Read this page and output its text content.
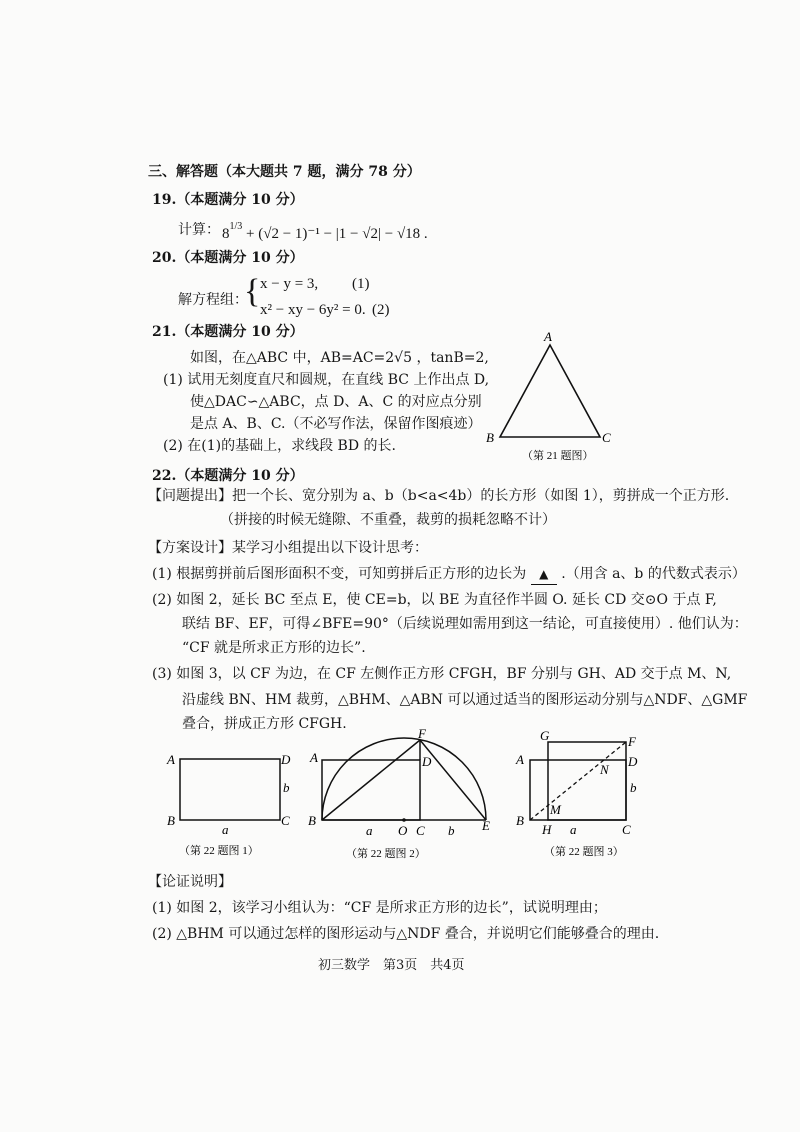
三、解答题（本大题共 7 题，满分 78 分）
19.（本题满分 10 分）
计算： $8^{1/3} + (√2 - 1)^{-1} - |1 - √2| - √18$ .
20.（本题满分 10 分）
解方程组：
{ x − y = 3, (1)
x² − xy − 6y² = 0. (2)
21.（本题满分 10 分）
如图，在△ABC 中，AB=AC=2√5 ，tanB=2,
(1) 试用无刻度直尺和圆规，在直线 BC 上作出点 D,
使△DAC∽△ABC，点 D、A、C 的对应点分别
是点 A、B、C.（不必写作法，保留作图痕迹）
(2) 在(1)的基础上，求线段 BD 的长.
A
B	C
（第 21 题图）
22.（本题满分 10 分）
【问题提出】把一个长、宽分别为 a、b（b<a<4b）的长方形（如图 1），剪拼成一个正方形.
（拼接的时候无缝隙、不重叠，裁剪的损耗忽略不计）
【方案设计】某学习小组提出以下设计思考：
(1) 根据剪拼前后图形面积不变，可知剪拼后正方形的边长为 ▲ .（用含 a、b 的代数式表示）
(2) 如图 2，延长 BC 至点 E，使 CE=b，以 BE 为直径作半圆 O. 延长 CD 交⊙O 于点 F,
联结 BF、EF，可得∠BFE=90°（后续说理如需用到这一结论，可直接使用）. 他们认为：
“CF 就是所求正方形的边长”.
(3) 如图 3，以 CF 为边，在 CF 左侧作正方形 CFGH，BF 分别与 GH、AD 交于点 M、N,
沿虚线 BN、HM 裁剪，△BHM、△ABN 可以通过适当的图形运动分别与△NDF、△GMF
叠合，拼成正方形 CFGH.
A	D
B	C
b
a
（第 22 题图 1）
F
A	D
B
C
O	E
a	b
（第 22 题图 2）
G	F
A	D
N
M
B
H	C
a
b
（第 22 题图 3）
【论证说明】
(1) 如图 2，该学习小组认为：“CF 是所求正方形的边长”，试说明理由；
(2) △BHM 可以通过怎样的图形运动与△NDF 叠合，并说明它们能够叠合的理由.
初三数学　第3页　共4页
